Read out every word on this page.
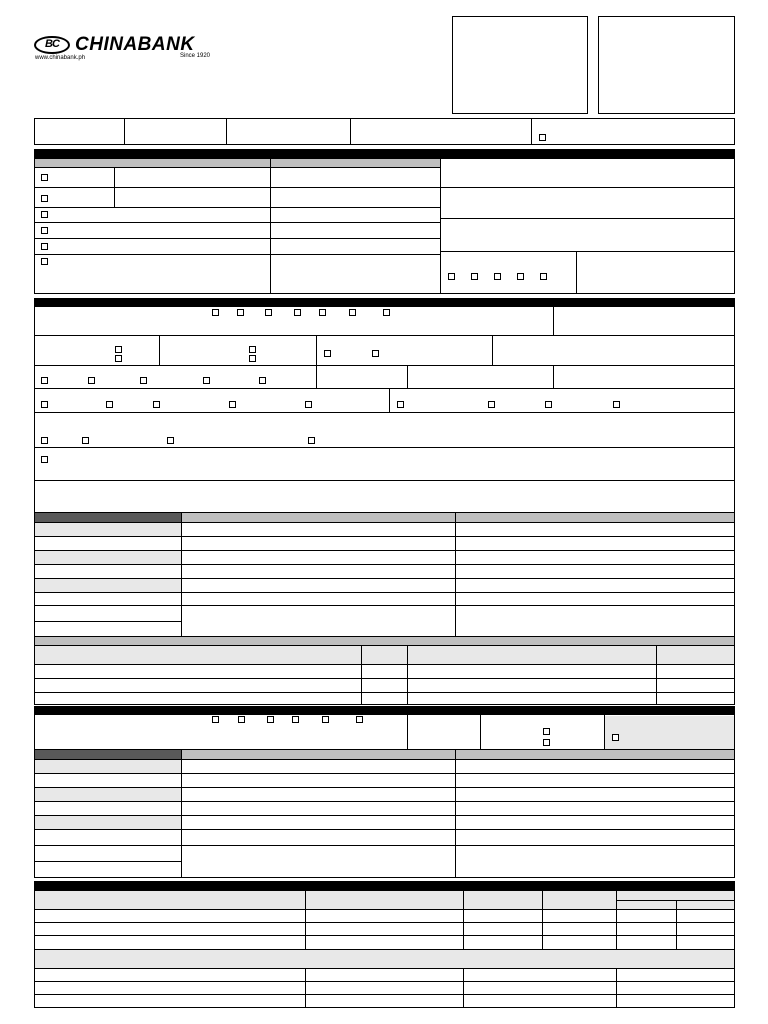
BC CHINABANK
www.chinabank.ph	Since 1920
